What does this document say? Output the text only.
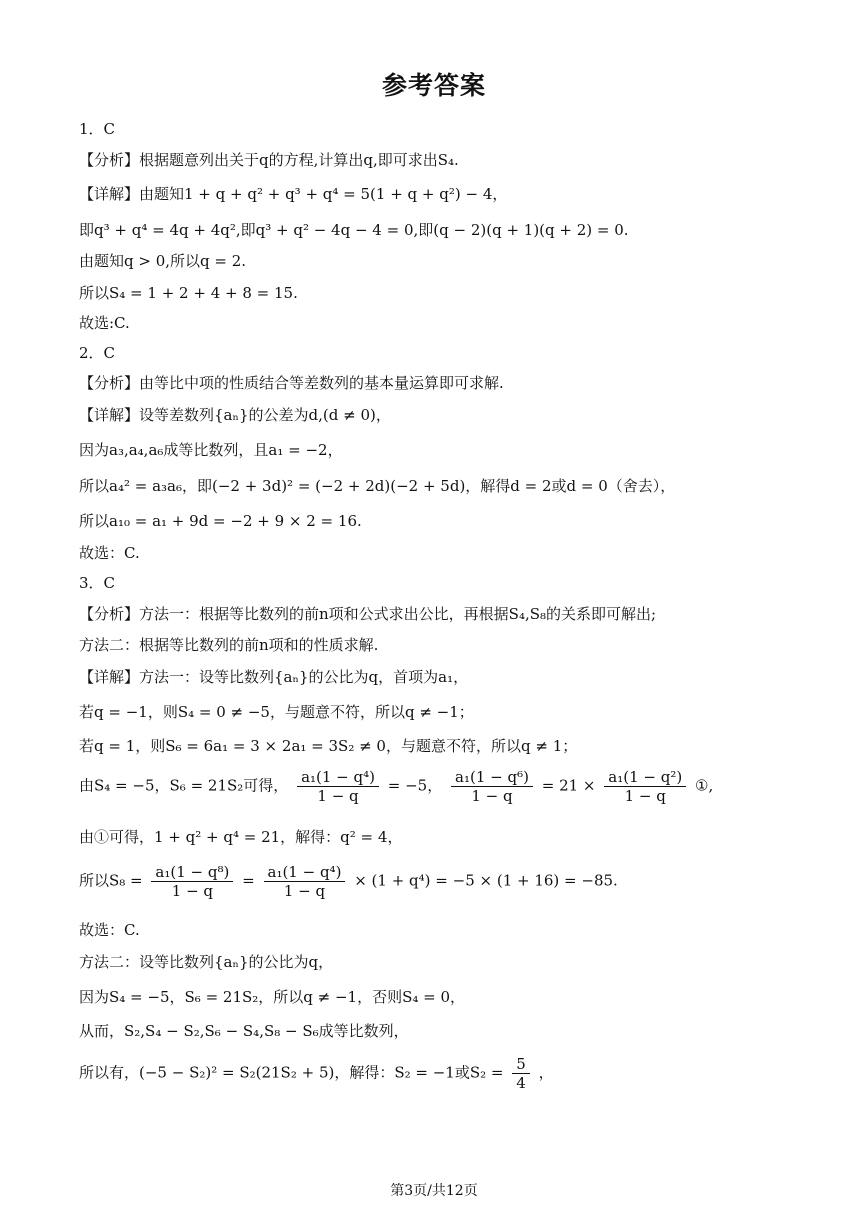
参考答案
1．C
【分析】根据题意列出关于q的方程,计算出q,即可求出S₄.
【详解】由题知1 + q + q² + q³ + q⁴ = 5(1 + q + q²) − 4，
即q³ + q⁴ = 4q + 4q²,即q³ + q² − 4q − 4 = 0,即(q − 2)(q + 1)(q + 2) = 0.
由题知q > 0,所以q = 2.
所以S₄ = 1 + 2 + 4 + 8 = 15.
故选:C.
2．C
【分析】由等比中项的性质结合等差数列的基本量运算即可求解.
【详解】设等差数列{aₙ}的公差为d,(d ≠ 0)，
因为a₃,a₄,a₆成等比数列，且a₁ = −2，
所以a₄² = a₃a₆，即(−2 + 3d)² = (−2 + 2d)(−2 + 5d)，解得d = 2或d = 0（舍去），
所以a₁₀ = a₁ + 9d = −2 + 9 × 2 = 16.
故选：C.
3．C
【分析】方法一：根据等比数列的前n项和公式求出公比，再根据S₄,S₈的关系即可解出;
方法二：根据等比数列的前n项和的性质求解.
【详解】方法一：设等比数列{aₙ}的公比为q，首项为a₁，
若q = −1，则S₄ = 0 ≠ −5，与题意不符，所以q ≠ −1；
若q = 1，则S₆ = 6a₁ = 3 × 2a₁ = 3S₂ ≠ 0，与题意不符，所以q ≠ 1；
由S₄ = −5，S₆ = 21S₂可得， $\frac{\text{a₁(1 − q⁴)}}{1 - q} = -5$， $\frac{\text{a₁(1 − q⁶)}}{1 - q} = 21 \times \frac{\text{a₁(1 − q²)}}{1 - q}$ ①,
由①可得，1 + q² + q⁴ = 21，解得：q² = 4，
所以$S_8 = \frac{\text{a₁(1 − q⁸)}}{1 - q} = \frac{\text{a₁(1 − q⁴)}}{1 - q} \times (1 + q^4) = -5 \times (1 + 16) = -85$.
故选：C.
方法二：设等比数列{aₙ}的公比为q，
因为S₄ = −5，S₆ = 21S₂，所以q ≠ −1，否则S₄ = 0，
从而，S₂,S₄ − S₂,S₆ − S₄,S₈ − S₆成等比数列，
所以有，(−5 − S₂)² = S₂(21S₂ + 5)，解得：S₂ = −1或$S_2 = \frac{5}{4}$ ，
第3页/共12页
